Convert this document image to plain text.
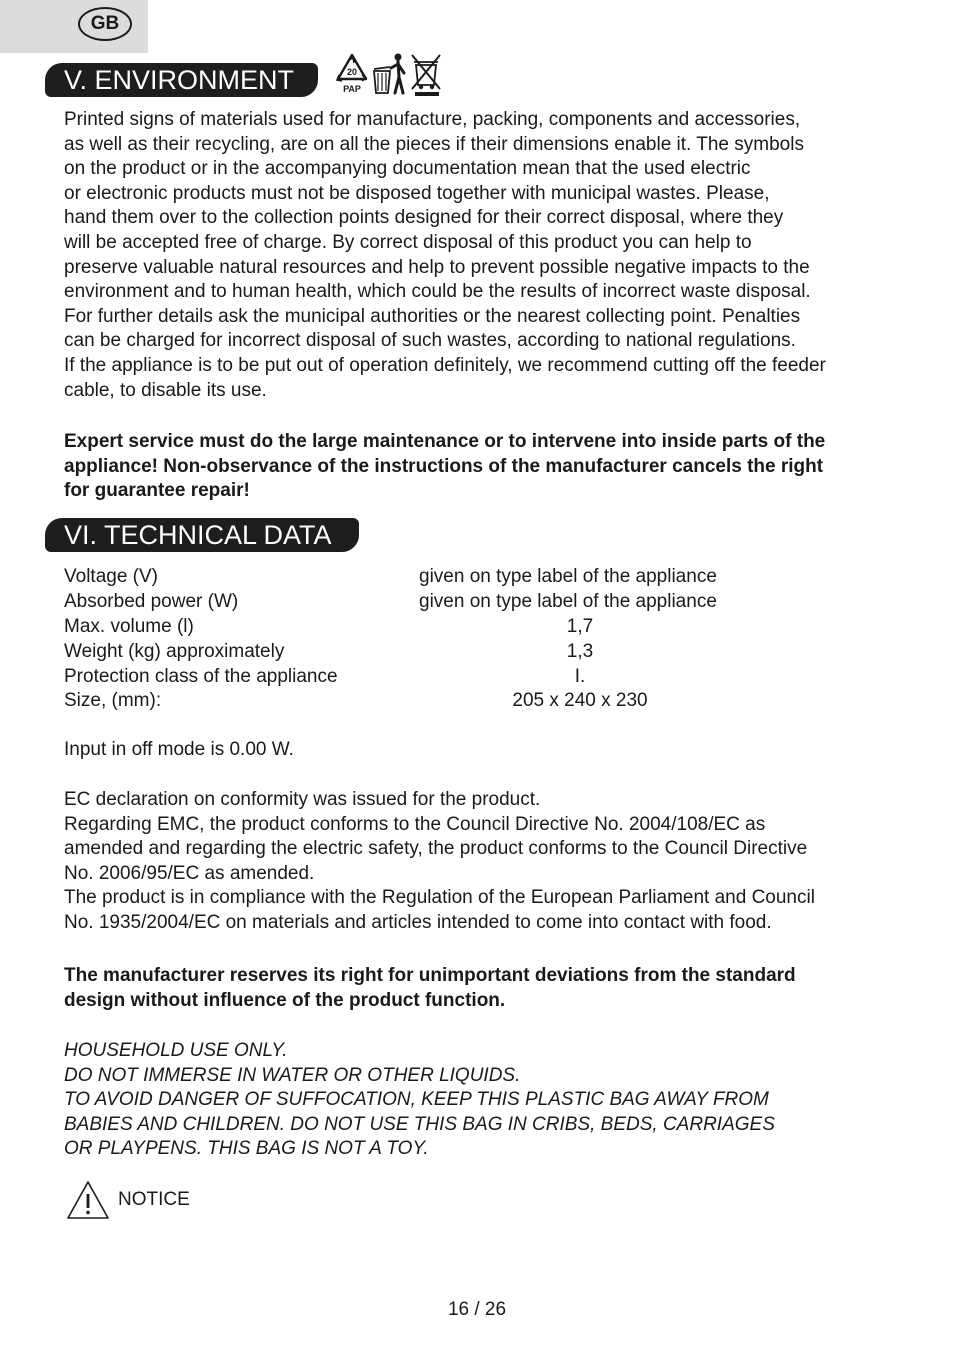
GB
V. ENVIRONMENT	20
PAP
Printed signs of materials used for manufacture, packing, components and accessories,
as well as their recycling, are on all the pieces if their dimensions enable it. The symbols
on the product or in the accompanying documentation mean that the used electric
or electronic products must not be disposed together with municipal wastes. Please,
hand them over to the collection points designed for their correct disposal, where they
will be accepted free of charge. By correct disposal of this product you can help to
preserve valuable natural resources and help to prevent possible negative impacts to the
environment and to human health, which could be the results of incorrect waste disposal.
For further details ask the municipal authorities or the nearest collecting point. Penalties
can be charged for incorrect disposal of such wastes, according to national regulations.
If the appliance is to be put out of operation definitely, we recommend cutting off the feeder
cable, to disable its use.
Expert service must do the large maintenance or to intervene into inside parts of the
appliance! Non-observance of the instructions of the manufacturer cancels the right
for guarantee repair!
VI. TECHNICAL DATA
Voltage (V)	given on type label of the appliance
Absorbed power (W)	given on type label of the appliance
Max. volume (l)	1,7
Weight (kg) approximately	1,3
Protection class of the appliance	I.
Size, (mm):	205 x 240 x 230
Input in off mode is 0.00 W.
EC declaration on conformity was issued for the product.
Regarding EMC, the product conforms to the Council Directive No. 2004/108/EC as
amended and regarding the electric safety, the product conforms to the Council Directive
No. 2006/95/EC as amended.
The product is in compliance with the Regulation of the European Parliament and Council
No. 1935/2004/EC on materials and articles intended to come into contact with food.
The manufacturer reserves its right for unimportant deviations from the standard
design without influence of the product function.
HOUSEHOLD USE ONLY.
DO NOT IMMERSE IN WATER OR OTHER LIQUIDS.
TO AVOID DANGER OF SUFFOCATION, KEEP THIS PLASTIC BAG AWAY FROM
BABIES AND CHILDREN. DO NOT USE THIS BAG IN CRIBS, BEDS, CARRIAGES
OR PLAYPENS. THIS BAG IS NOT A TOY.
NOTICE
16 / 26
